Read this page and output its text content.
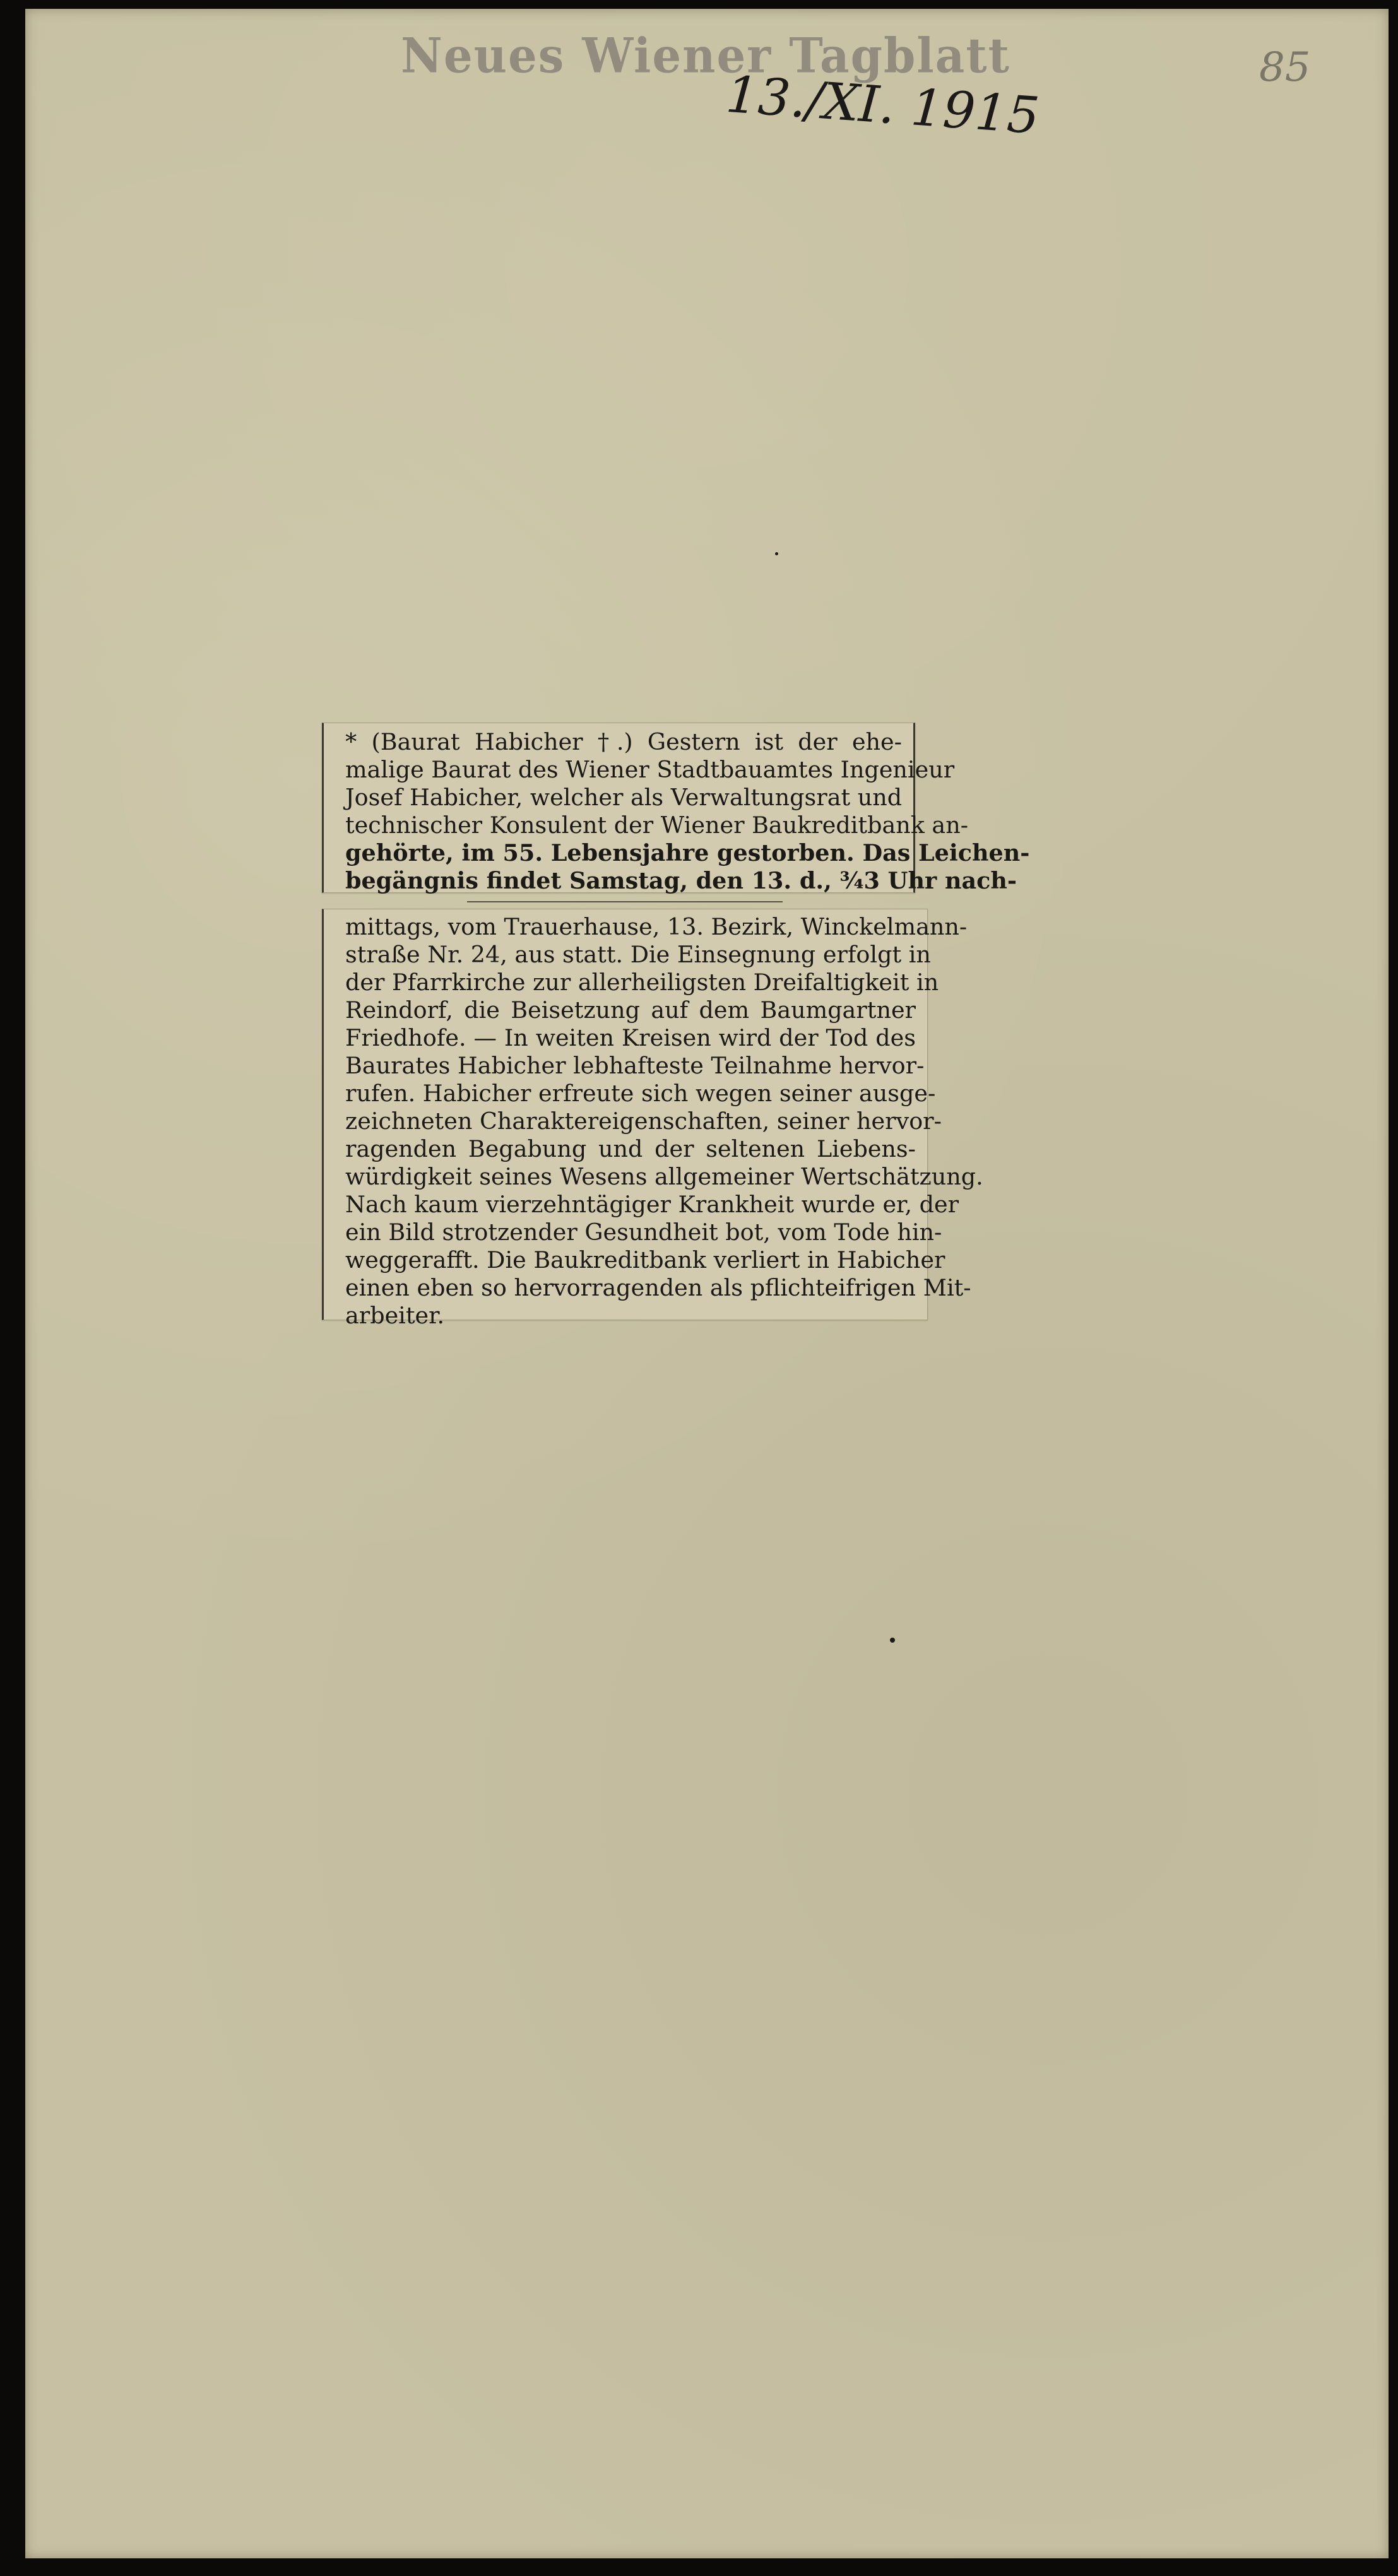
Neues Wiener Tagblatt
13./XI. 1915	85
* (Baurat Habicher †.) Gestern ist der ehe-
malige Baurat des Wiener Stadtbauamtes Ingenieur
Josef Habicher, welcher als Verwaltungsrat und
technischer Konsulent der Wiener Baukreditbank an-
gehörte, im 55. Lebensjahre gestorben. Das Leichen-
begängnis findet Samstag, den 13. d., ¾3 Uhr nach-
mittags, vom Trauerhause, 13. Bezirk, Winckelmann-
straße Nr. 24, aus statt. Die Einsegnung erfolgt in
der Pfarrkirche zur allerheiligsten Dreifaltigkeit in
Reindorf, die Beisetzung auf dem Baumgartner
Friedhofe. — In weiten Kreisen wird der Tod des
Baurates Habicher lebhafteste Teilnahme hervor-
rufen. Habicher erfreute sich wegen seiner ausge-
zeichneten Charaktereigenschaften, seiner hervor-
ragenden Begabung und der seltenen Liebens-
würdigkeit seines Wesens allgemeiner Wertschätzung.
Nach kaum vierzehntägiger Krankheit wurde er, der
ein Bild strotzender Gesundheit bot, vom Tode hin-
weggerafft. Die Baukreditbank verliert in Habicher
einen eben so hervorragenden als pflichteifrigen Mit-
arbeiter.
